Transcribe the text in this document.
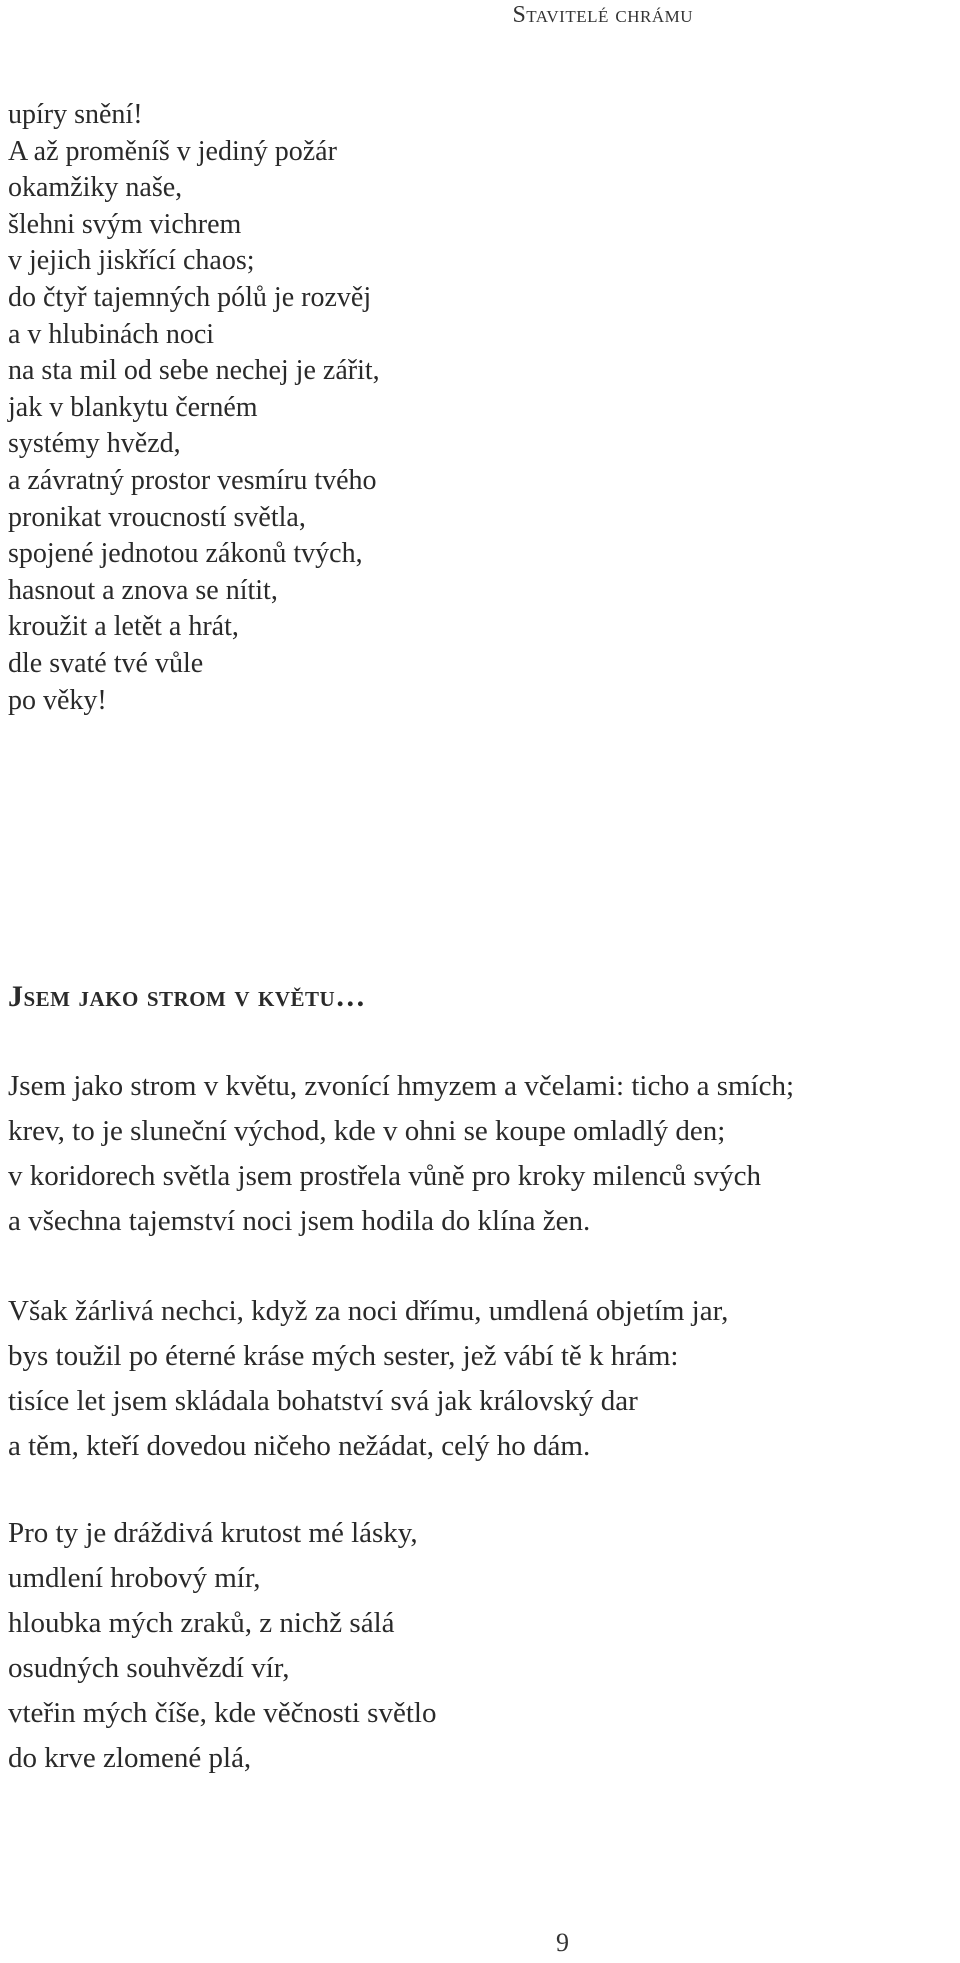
Stavitelé chrámu
upíry snění!
A až proměníš v jediný požár
okamžiky naše,
šlehni svým vichrem
v jejich jiskřící chaos;
do čtyř tajemných pólů je rozvěj
a v hlubinách noci
na sta mil od sebe nechej je zářit,
jak v blankytu černém
systémy hvězd,
a závratný prostor vesmíru tvého
pronikat vroucností světla,
spojené jednotou zákonů tvých,
hasnout a znova se nítit,
kroužit a letět a hrát,
dle svaté tvé vůle
po věky!
Jsem jako strom v květu…
Jsem jako strom v květu, zvonící hmyzem a včelami: ticho a smích;
krev, to je sluneční východ, kde v ohni se koupe omladlý den;
v koridorech světla jsem prostřela vůně pro kroky milenců svých
a všechna tajemství noci jsem hodila do klína žen.
Však žárlivá nechci, když za noci dřímu, umdlená objetím jar,
bys toužil po éterné kráse mých sester, jež vábí tě k hrám:
tisíce let jsem skládala bohatství svá jak královský dar
a těm, kteří dovedou ničeho nežádat, celý ho dám.
Pro ty je dráždivá krutost mé lásky,
umdlení hrobový mír,
hloubka mých zraků, z nichž sálá
osudných souhvězdí vír,
vteřin mých číše, kde věčnosti světlo
do krve zlomené plá,
9
